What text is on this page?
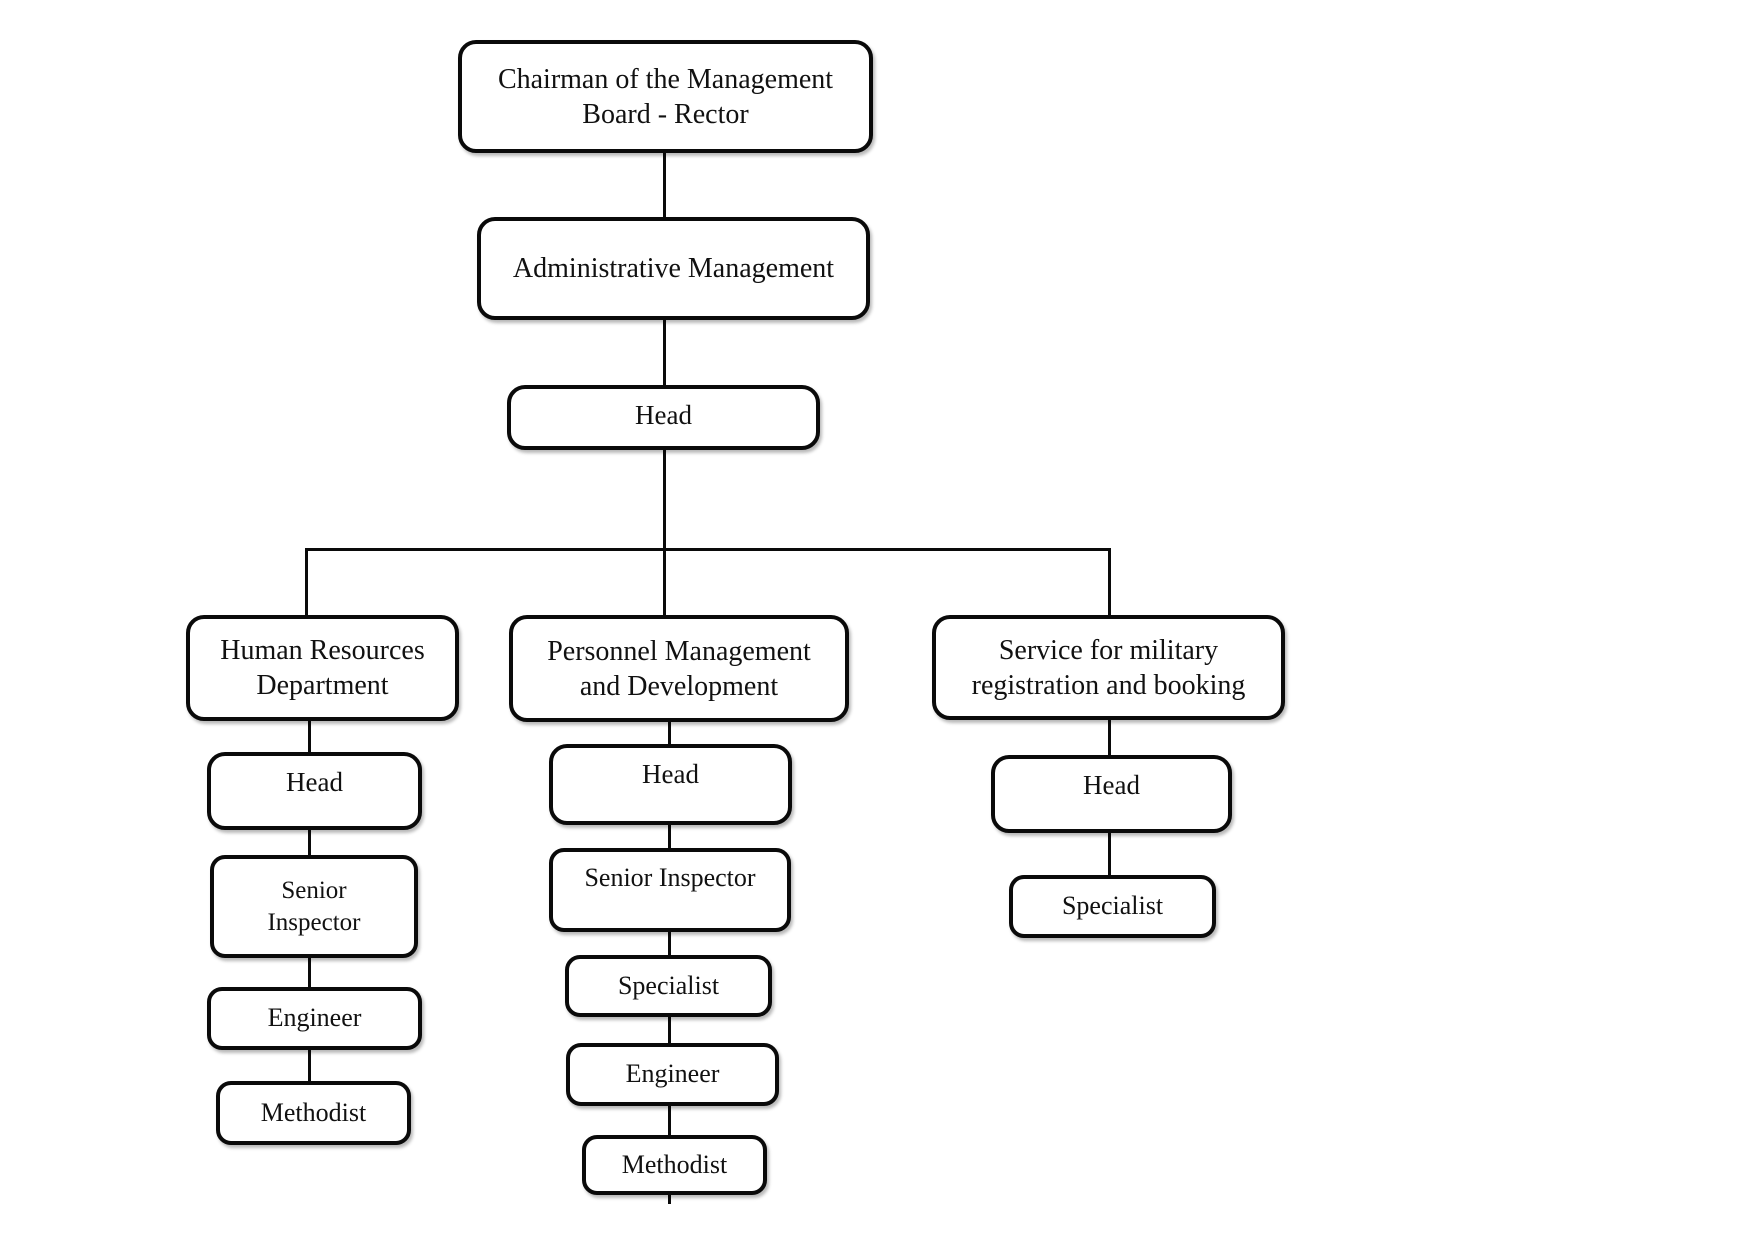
Chairman of the Management
Board - Rector
Administrative Management
Head
Human Resources
Department
Personnel Management
and Development
Service for military
registration and booking
Head
Senior
Inspector
Engineer
Methodist
Head
Senior Inspector
Specialist
Engineer
Methodist
Head
Specialist
